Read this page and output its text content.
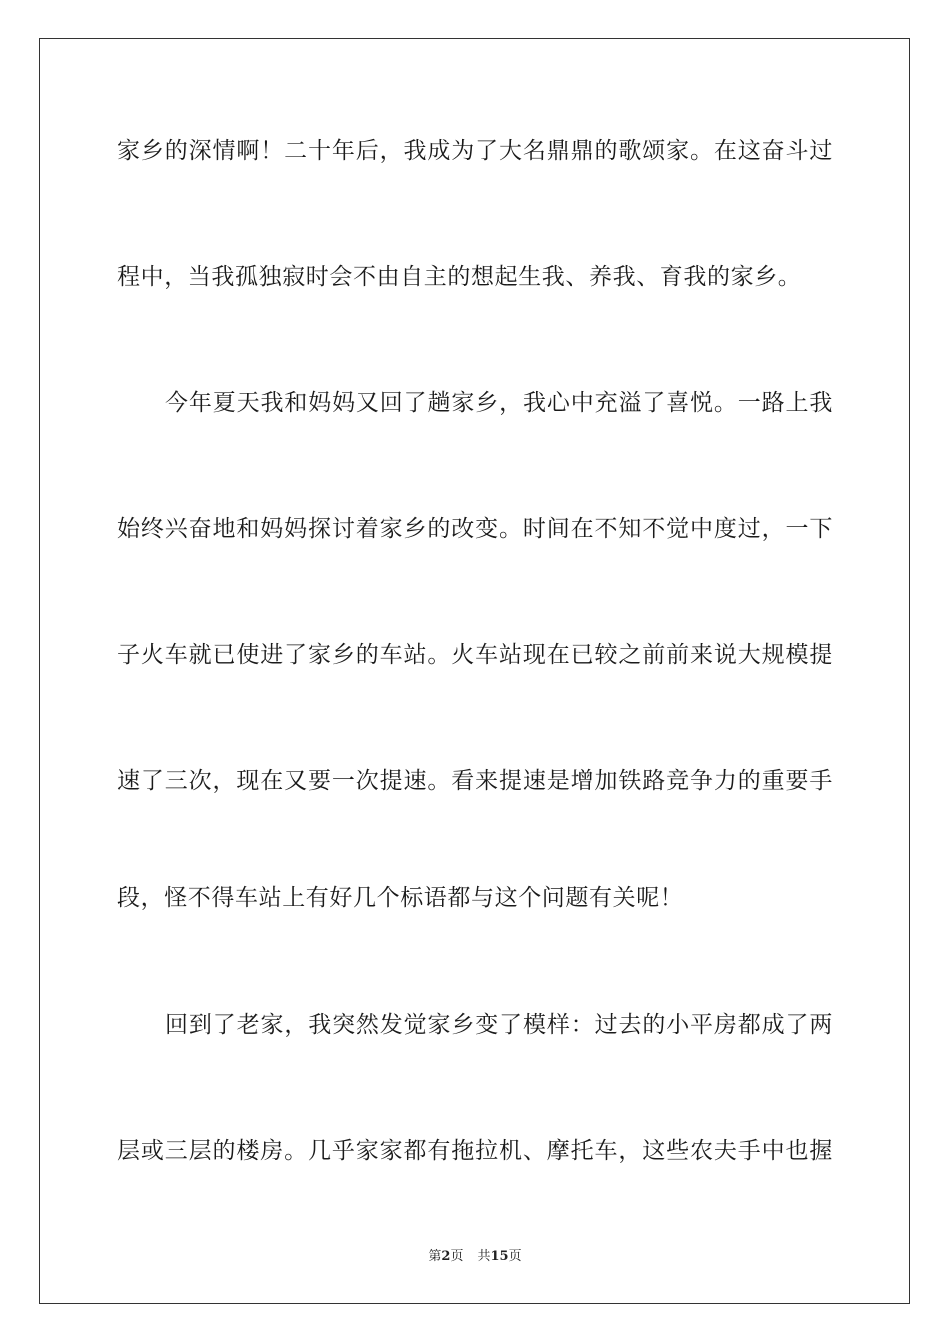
家乡的深情啊！二十年后，我成为了大名鼎鼎的歌颂家。在这奋斗过
程中，当我孤独寂时会不由自主的想起生我、养我、育我的家乡。
今年夏天我和妈妈又回了趟家乡，我心中充溢了喜悦。一路上我
始终兴奋地和妈妈探讨着家乡的改变。时间在不知不觉中度过，一下
子火车就已使进了家乡的车站。火车站现在已较之前前来说大规模提
速了三次，现在又要一次提速。看来提速是增加铁路竞争力的重要手
段，怪不得车站上有好几个标语都与这个问题有关呢！
回到了老家，我突然发觉家乡变了模样：过去的小平房都成了两
层或三层的楼房。几乎家家都有拖拉机、摩托车，这些农夫手中也握
第2页 共15页
